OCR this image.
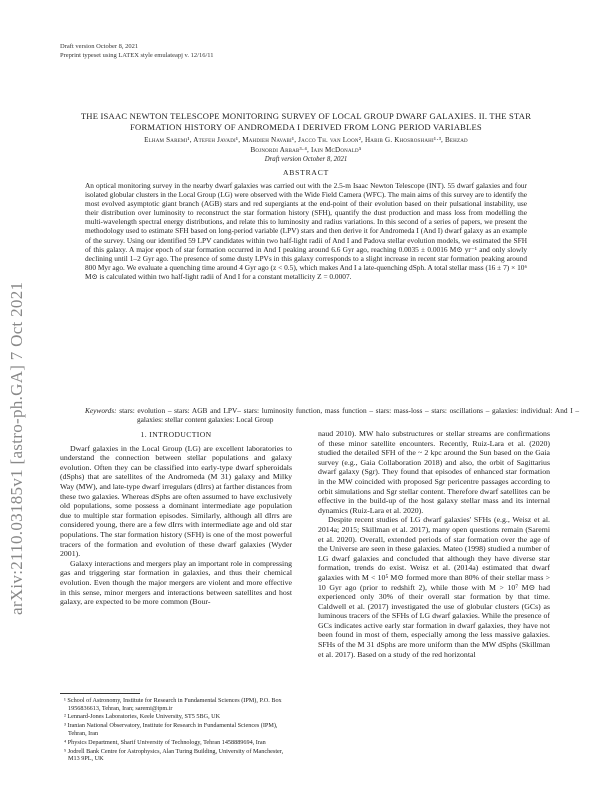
arXiv:2110.03185v1 [astro-ph.GA] 7 Oct 2021
Draft version October 8, 2021
Preprint typeset using LATEX style emulateapj v. 12/16/11
THE ISAAC NEWTON TELESCOPE MONITORING SURVEY OF LOCAL GROUP DWARF GALAXIES. II. THE STAR FORMATION HISTORY OF ANDROMEDA I DERIVED FROM LONG PERIOD VARIABLES
Elham Saremi¹, Atefeh Javadi¹, Mahdieh Navabi¹, Jacco Th. van Loon², Habib G. Khosroshahi¹·³, Behzad
Bojnordi Arbab³·⁴, Iain McDonald⁵
Draft version October 8, 2021
ABSTRACT

An optical monitoring survey in the nearby dwarf galaxies was carried out with the 2.5-m Isaac Newton Telescope (INT). 55 dwarf galaxies and four isolated globular clusters in the Local Group (LG) were observed with the Wide Field Camera (WFC). The main aims of this survey are to identify the most evolved asymptotic giant branch (AGB) stars and red supergiants at the end-point of their evolution based on their pulsational instability, use their distribution over luminosity to reconstruct the star formation history (SFH), quantify the dust production and mass loss from modelling the multi-wavelength spectral energy distributions, and relate this to luminosity and radius variations. In this second of a series of papers, we present the methodology used to estimate SFH based on long-period variable (LPV) stars and then derive it for Andromeda I (And I) dwarf galaxy as an example of the survey. Using our identified 59 LPV candidates within two half-light radii of And I and Padova stellar evolution models, we estimated the SFH of this galaxy. A major epoch of star formation occurred in And I peaking around 6.6 Gyr ago, reaching 0.0035 ± 0.0016 M⊙ yr⁻¹ and only slowly declining until 1–2 Gyr ago. The presence of some dusty LPVs in this galaxy corresponds to a slight increase in recent star formation peaking around 800 Myr ago. We evaluate a quenching time around 4 Gyr ago (z < 0.5), which makes And I a late-quenching dSph. A total stellar mass (16 ± 7) × 10⁶ M⊙ is calculated within two half-light radii of And I for a constant metallicity Z = 0.0007.

Keywords: stars: evolution – stars: AGB and LPV– stars: luminosity function, mass function – stars: mass-loss – stars: oscillations – galaxies: individual: And I – galaxies: stellar content galaxies: Local Group

1. INTRODUCTION

Dwarf galaxies in the Local Group (LG) are excellent laboratories to understand the connection between stellar populations and galaxy evolution. Often they can be classified into early-type dwarf spheroidals (dSphs) that are satellites of the Andromeda (M 31) galaxy and Milky Way (MW), and late-type dwarf irregulars (dIrrs) at farther distances from these two galaxies. Whereas dSphs are often assumed to have exclusively old populations, some possess a dominant intermediate age population due to multiple star formation episodes. Similarly, although all dIrrs are considered young, there are a few dIrrs with intermediate age and old star populations. The star formation history (SFH) is one of the most powerful tracers of the formation and evolution of these dwarf galaxies (Wyder 2001).

Galaxy interactions and mergers play an important role in compressing gas and triggering star formation in galaxies, and thus their chemical evolution. Even though the major mergers are violent and more effective in this sense, minor mergers and interactions between satellites and host galaxy, are expected to be more common (Bour-

naud 2010). MW halo substructures or stellar streams are confirmations of these minor satellite encounters. Recently, Ruiz-Lara et al. (2020) studied the detailed SFH of the ~ 2 kpc around the Sun based on the Gaia survey (e.g., Gaia Collaboration 2018) and also, the orbit of Sagittarius dwarf galaxy (Sgr). They found that episodes of enhanced star formation in the MW coincided with proposed Sgr pericentre passages according to orbit simulations and Sgr stellar content. Therefore dwarf satellites can be effective in the build-up of the host galaxy stellar mass and its internal dynamics (Ruiz-Lara et al. 2020).

Despite recent studies of LG dwarf galaxies' SFHs (e.g., Weisz et al. 2014a; 2015; Skillman et al. 2017), many open questions remain (Saremi et al. 2020). Overall, extended periods of star formation over the age of the Universe are seen in these galaxies. Mateo (1998) studied a number of LG dwarf galaxies and concluded that although they have diverse star formation, trends do exist. Weisz et al. (2014a) estimated that dwarf galaxies with M < 10⁵ M⊙ formed more than 80% of their stellar mass > 10 Gyr ago (prior to redshift 2), while those with M > 10⁷ M⊙ had experienced only 30% of their overall star formation by that time. Caldwell et al. (2017) investigated the use of globular clusters (GCs) as luminous tracers of the SFHs of LG dwarf galaxies. While the presence of GCs indicates active early star formation in dwarf galaxies, they have not been found in most of them, especially among the less massive galaxies. SFHs of the M 31 dSphs are more uniform than the MW dSphs (Skillman et al. 2017). Based on a study of the red horizontal

¹ School of Astronomy, Institute for Research in Fundamental Sciences (IPM), P.O. Box 1956836613, Tehran, Iran; saremi@ipm.ir

² Lennard-Jones Laboratories, Keele University, ST5 5BG, UK

³ Iranian National Observatory, Institute for Research in Fundamental Sciences (IPM), Tehran, Iran

⁴ Physics Department, Sharif University of Technology, Tehran 1458889694, Iran

⁵ Jodrell Bank Centre for Astrophysics, Alan Turing Building, University of Manchester, M13 9PL, UK
